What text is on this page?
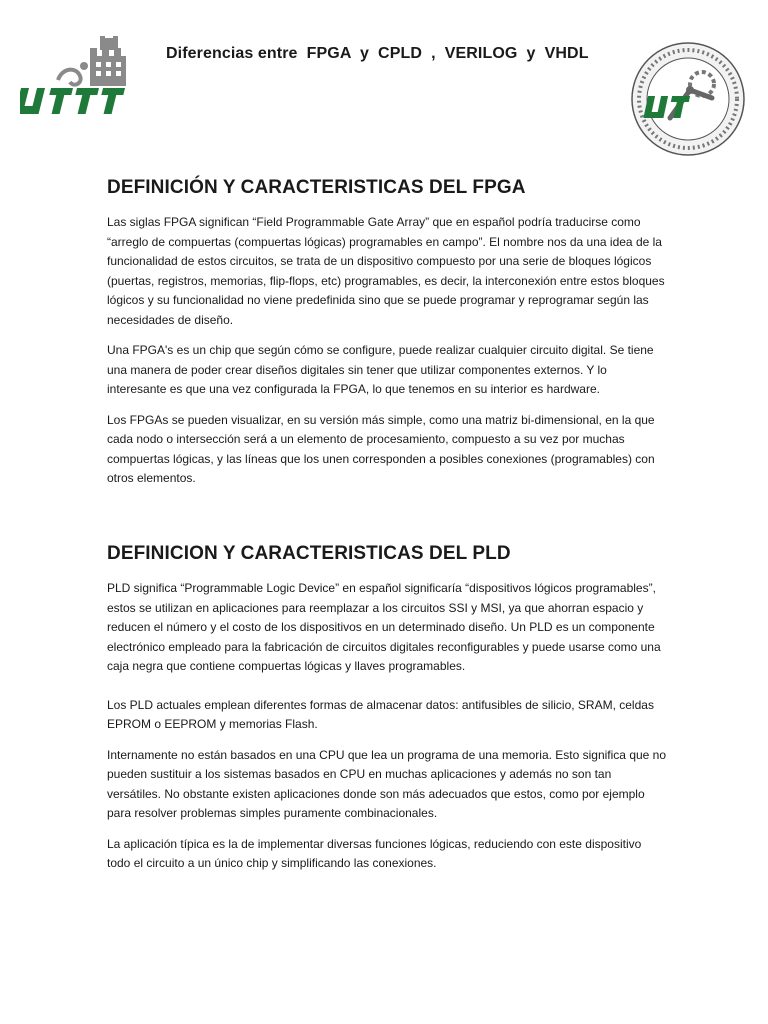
Diferencias entre  FPGA  y  CPLD  ,  VERILOG  y  VHDL
DEFINICIÓN Y CARACTERISTICAS DEL FPGA

Las siglas FPGA significan “Field Programmable Gate Array” que en español podría traducirse como “arreglo de compuertas (compuertas lógicas) programables en campo”. El nombre nos da una idea de la funcionalidad de estos circuitos, se trata de un dispositivo compuesto por una serie de bloques lógicos (puertas, registros, memorias, flip-flops, etc) programables, es decir, la interconexión entre estos bloques lógicos y su funcionalidad no viene predefinida sino que se puede programar y reprogramar según las necesidades de diseño.

Una FPGA's es un chip que según cómo se configure, puede realizar cualquier circuito digital. Se tiene una manera de poder crear diseños digitales sin tener que utilizar componentes externos. Y lo interesante es que una vez configurada la FPGA, lo que tenemos en su interior es hardware.

Los FPGAs se pueden visualizar, en su versión más simple, como una matriz bi-dimensional, en la que cada nodo o intersección será a un elemento de procesamiento, compuesto a su vez por muchas compuertas lógicas, y las líneas que los unen corresponden a posibles conexiones (programables) con otros elementos.

DEFINICION Y CARACTERISTICAS DEL PLD

PLD significa “Programmable Logic Device” en español significaría “dispositivos lógicos programables”, estos se utilizan en aplicaciones para reemplazar a los circuitos SSI y MSI, ya que ahorran espacio y reducen el número y el costo de los dispositivos en un determinado diseño. Un PLD es un componente electrónico empleado para la fabricación de circuitos digitales reconfigurables y puede usarse como una caja negra que contiene compuertas lógicas y llaves programables.

Los PLD actuales emplean diferentes formas de almacenar datos: antifusibles de silicio, SRAM, celdas EPROM o EEPROM y memorias Flash.

Internamente no están basados en una CPU que lea un programa de una memoria. Esto significa que no pueden sustituir a los sistemas basados en CPU en muchas aplicaciones y además no son tan versátiles. No obstante existen aplicaciones donde son más adecuados que estos, como por ejemplo para resolver problemas simples puramente combinacionales.

La aplicación típica es la de implementar diversas funciones lógicas, reduciendo con este dispositivo todo el circuito a un único chip y simplificando las conexiones.
